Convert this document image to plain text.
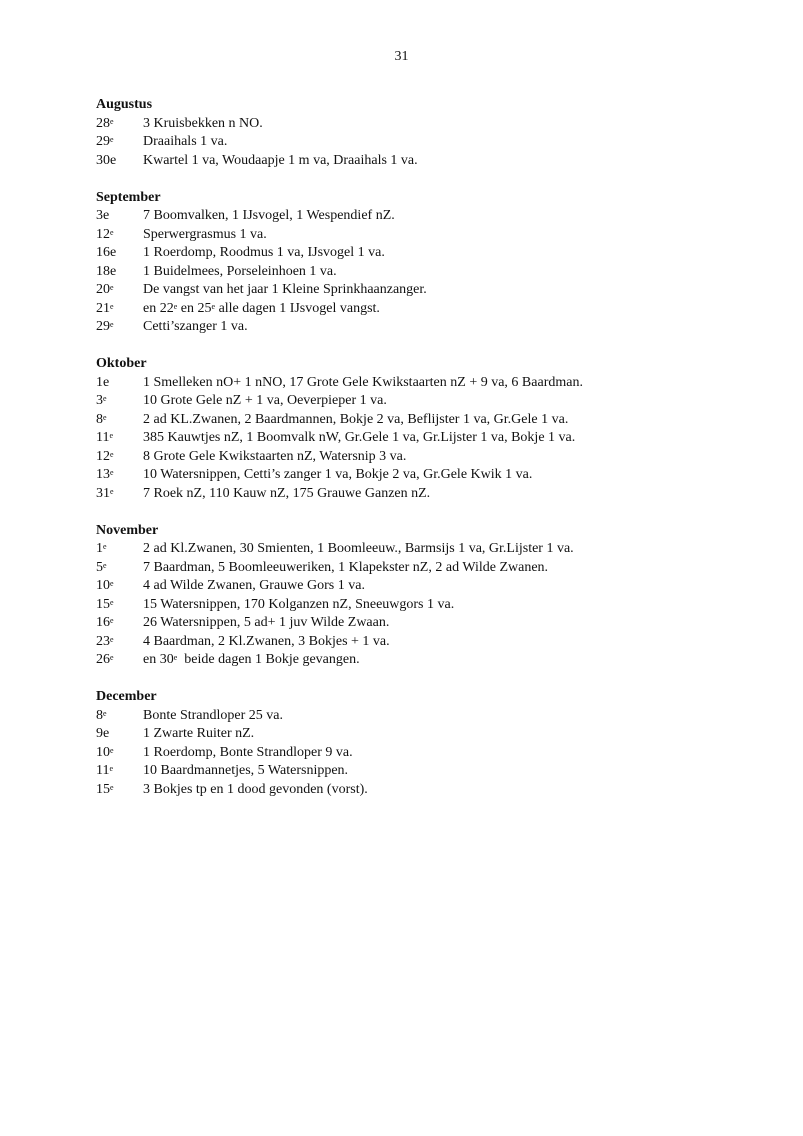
31
Augustus
28e	3 Kruisbekken n NO.
29e	Draaihals 1 va.
30e	Kwartel 1 va, Woudaapje 1 m va, Draaihals 1 va.
September
3e	7 Boomvalken, 1 IJsvogel, 1 Wespendief nZ.
12e	Sperwergrasmus 1 va.
16e	1 Roerdomp, Roodmus 1 va, IJsvogel 1 va.
18e	1 Buidelmees, Porseleinhoen 1 va.
20e	De vangst van het jaar 1 Kleine Sprinkhaanzanger.
21e	en 22e en 25e alle dagen 1 IJsvogel vangst.
29e	Cetti’szanger 1 va.
Oktober
1e	1 Smelleken nO+ 1 nNO, 17 Grote Gele Kwikstaarten nZ + 9 va, 6 Baardman.
3e	10 Grote Gele nZ + 1 va, Oeverpieper 1 va.
8e	2 ad KL.Zwanen, 2 Baardmannen, Bokje 2 va, Beflijster 1 va, Gr.Gele 1 va.
11e	385 Kauwtjes nZ, 1 Boomvalk nW, Gr.Gele 1 va, Gr.Lijster 1 va, Bokje 1 va.
12e	8 Grote Gele Kwikstaarten nZ, Watersnip 3 va.
13e	10 Watersnippen, Cetti’s zanger 1 va, Bokje 2 va, Gr.Gele Kwik 1 va.
31e	7 Roek nZ, 110 Kauw nZ, 175 Grauwe Ganzen nZ.
November
1e	2 ad Kl.Zwanen, 30 Smienten, 1 Boomleeuw., Barmsijs 1 va, Gr.Lijster 1 va.
5e	7 Baardman, 5 Boomleeuweriken, 1 Klapekster nZ, 2 ad Wilde Zwanen.
10e	4 ad Wilde Zwanen, Grauwe Gors 1 va.
15e	15 Watersnippen, 170 Kolganzen nZ, Sneeuwgors 1 va.
16e	26 Watersnippen, 5 ad+ 1 juv Wilde Zwaan.
23e	4 Baardman, 2 Kl.Zwanen, 3 Bokjes + 1 va.
26e	en 30e  beide dagen 1 Bokje gevangen.
December
8e	Bonte Strandloper 25 va.
9e	1 Zwarte Ruiter nZ.
10e	1 Roerdomp, Bonte Strandloper 9 va.
11e	10 Baardmannetjes, 5 Watersnippen.
15e	3 Bokjes tp en 1 dood gevonden (vorst).
